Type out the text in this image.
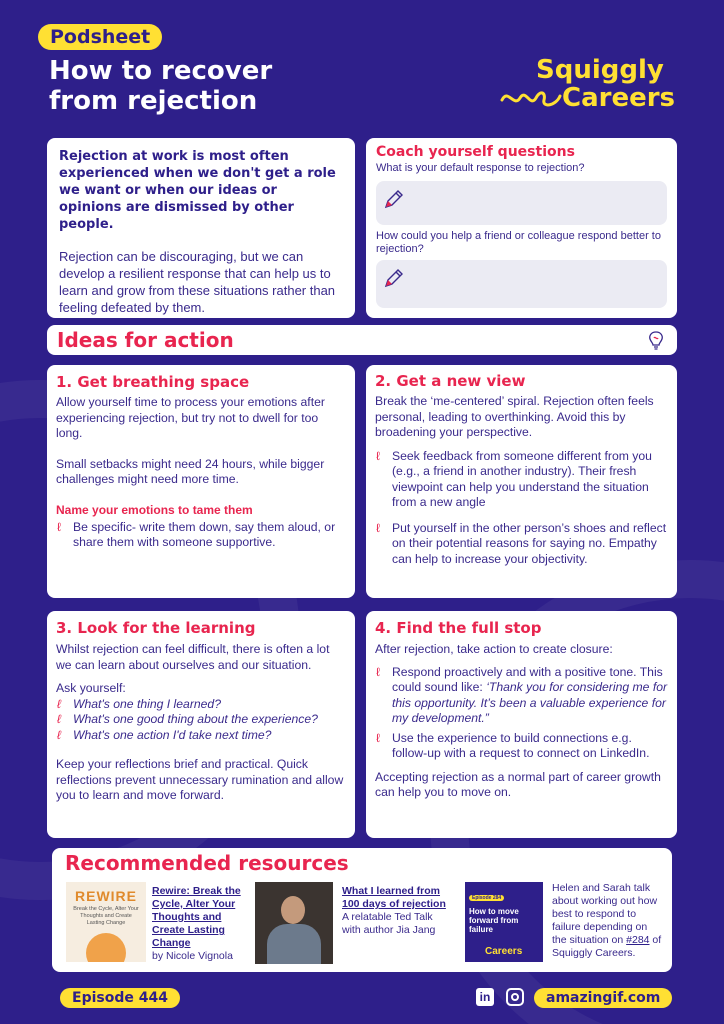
Podsheet
How to recover
from rejection
Squiggly
Careers

Rejection at work is most often experienced when we don't get a role we want or when our ideas or opinions are dismissed by other people.

Rejection can be discouraging, but we can develop a resilient response that can help us to learn and grow from these situations rather than feeling defeated by them.

Coach yourself questions

What is your default response to rejection?

How could you help a friend or colleague respond better to rejection?

Ideas for action
1. Get breathing space

Allow yourself time to process your emotions after experiencing rejection, but try not to dwell for too long.

Small setbacks might need 24 hours, while bigger challenges might need more time.

Name your emotions to tame them
ℓ Be specific- write them down, say them aloud, or share them with someone supportive.
2. Get a new view

Break the ‘me-centered’ spiral. Rejection often feels personal, leading to overthinking. Avoid this by broadening your perspective.

ℓ Seek feedback from someone different from you (e.g., a friend in another industry). Their fresh viewpoint can help you understand the situation from a new angle
ℓ Put yourself in the other person’s shoes and reflect on their potential reasons for saying no. Empathy can help to increase your objectivity.
3. Look for the learning

Whilst rejection can feel difficult, there is often a lot we can learn about ourselves and our situation.

Ask yourself:

ℓ What's one thing I learned?
ℓ What's one good thing about the experience?
ℓ What's one action I'd take next time?

Keep your reflections brief and practical. Quick reflections prevent unnecessary rumination and allow you to learn and move forward.

4. Find the full stop

After rejection, take action to create closure:

ℓ Respond proactively and with a positive tone. This could sound like: ‘Thank you for considering me for this opportunity. It’s been a valuable experience for my development.”
ℓ Use the experience to build connections e.g. follow-up with a request to connect on LinkedIn.

Accepting rejection as a normal part of career growth can help you to move on.

Recommended resources
REWIRE
Break the Cycle, Alter Your Thoughts and Create Lasting Change
Rewire: Break the Cycle, Alter Your Thoughts and Create Lasting Change
by Nicole Vignola
What I learned from 100 days of rejection
A relatable Ted Talk with author Jia Jang
Episode 284
How to move forward from failure
Careers
Helen and Sarah talk about working out how best to respond to failure depending on the situation on #284 of Squiggly Careers.
Episode 444	in	amazingif.com
